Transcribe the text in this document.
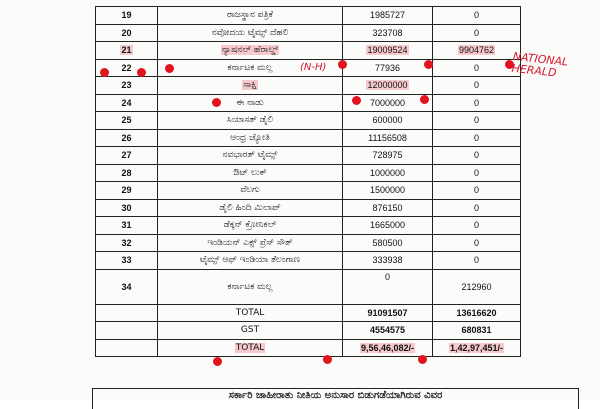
19	ರಾಜಸ್ಥಾನ ಪತ್ರಿಕೆ	1985727	0
20	ನವೋದಯ ಟೈಮ್ಸ್ ದೆಹಲಿ	323708	0
21	ನ್ಯಾಷನಲ್ ಹೆರಾಲ್ಡ್	19009524	9904762
22	ಕರ್ನಾಟಕ ಮಲ್ಲ	77936	0
23	ಸಾಕ್ಷಿ	12000000	0
24	ಈ ನಾಡು	7000000	0
25	ಸಿಯಾಸತ್ ಡೈಲಿ	600000	0
26	ಆಂಧ್ರ ಜ್ಯೋತಿ	11156508	0
27	ನವಭಾರತ್ ಟೈಮ್ಸ್	728975	0
28	ಔಟ್ ಲುಕ್	1000000	0
29	ವೆಲಗು	1500000	0
30	ಡೈಲಿ ಹಿಂದಿ ಮಿಲಾಪ್	876150	0
31	ಡೆಕ್ಕನ್ ಕ್ರೋನಿಕಲ್	1665000	0
32	ಇಂಡಿಯನ್ ಎಕ್ಸ್ ಪ್ರೆಸ್ ಸೌತ್	580500	0
33	ಟೈಮ್ಸ್ ಆಫ್ ಇಂಡಿಯಾ ತೆಲಂಗಾಣ	333938	0
34	ಕರ್ನಾಟಕ ಮಲ್ಲ	0	212960
	TOTAL	91091507	13616620
	GST	4554575	680831
	TOTAL	9,56,46,082/-	1,42,97,451/-
(N-H)	NATIONAL HERALD
ಸರ್ಕಾರಿ ಜಾಹೀರಾತು ನೀತಿಯ ಅನುಸಾರ ಬಿಡುಗಡೆಯಾಗಿರುವ ವಿವರ
